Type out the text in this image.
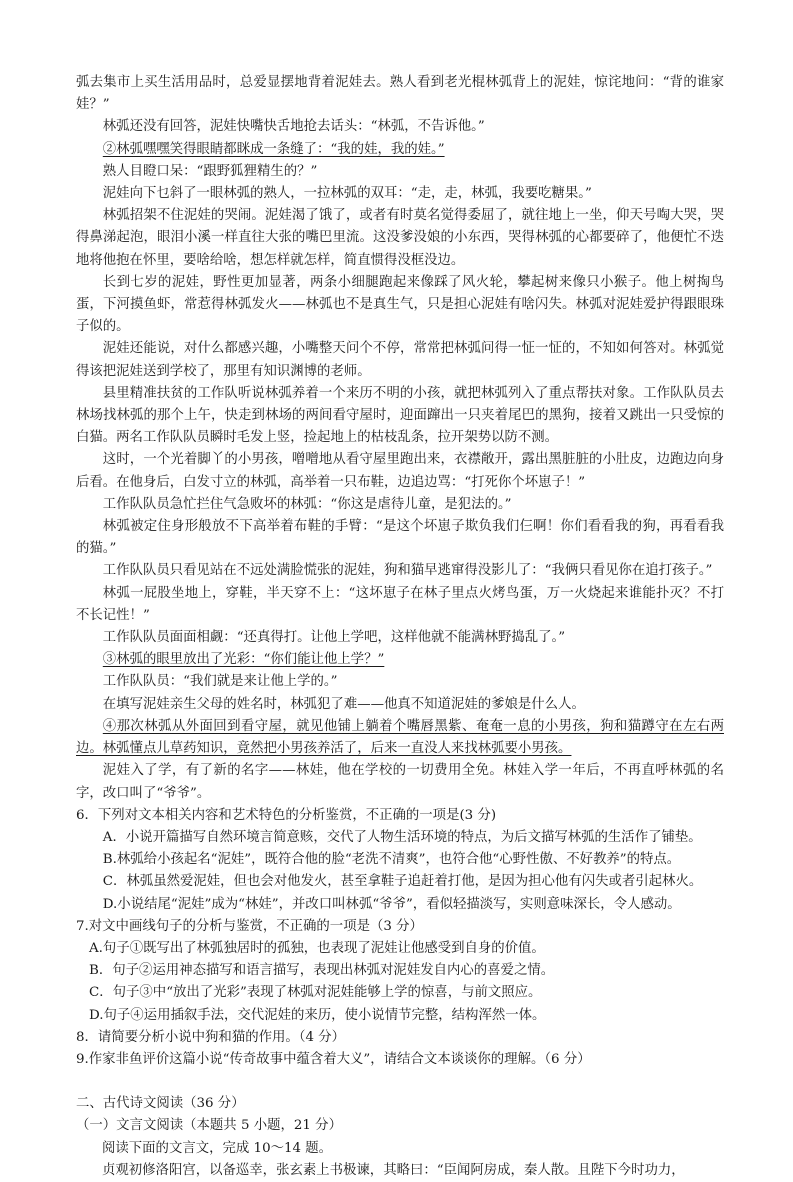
弧去集市上买生活用品时，总爱显摆地背着泥娃去。熟人看到老光棍林弧背上的泥娃，惊诧地问：“背的谁家娃？”

林弧还没有回答，泥娃快嘴快舌地抢去话头：“林弧，不告诉他。”

②林弧嘿嘿笑得眼睛都眯成一条缝了：“我的娃，我的娃。”

熟人目瞪口呆：“跟野狐狸精生的？”

泥娃向下乜斜了一眼林弧的熟人，一拉林弧的双耳：“走，走，林弧，我要吃糖果。”

林弧招架不住泥娃的哭闹。泥娃渴了饿了，或者有时莫名觉得委屈了，就往地上一坐，仰天号啕大哭，哭得鼻涕起泡，眼泪小溪一样直往大张的嘴巴里流。这没爹没娘的小东西，哭得林弧的心都要碎了，他便忙不迭地将他抱在怀里，要啥给啥，想怎样就怎样，简直惯得没框没边。

长到七岁的泥娃，野性更加显著，两条小细腿跑起来像踩了风火轮，攀起树来像只小猴子。他上树掏鸟蛋，下河摸鱼虾，常惹得林弧发火——林弧也不是真生气，只是担心泥娃有啥闪失。林弧对泥娃爱护得跟眼珠子似的。

泥娃还能说，对什么都感兴趣，小嘴整天问个不停，常常把林弧问得一怔一怔的，不知如何答对。林弧觉得该把泥娃送到学校了，那里有知识渊博的老师。

县里精准扶贫的工作队听说林弧养着一个来历不明的小孩，就把林弧列入了重点帮扶对象。工作队队员去林场找林弧的那个上午，快走到林场的两间看守屋时，迎面蹿出一只夹着尾巴的黑狗，接着又跳出一只受惊的白猫。两名工作队队员瞬时毛发上竖，捡起地上的枯枝乱条，拉开架势以防不测。

这时，一个光着脚丫的小男孩，噌噌地从看守屋里跑出来，衣襟敞开，露出黑脏脏的小肚皮，边跑边向身后看。在他身后，白发寸立的林弧，高举着一只布鞋，边追边骂：“打死你个坏崽子！”

工作队队员急忙拦住气急败坏的林弧：“你这是虐待儿童，是犯法的。”

林弧被定住身形般放不下高举着布鞋的手臂：“是这个坏崽子欺负我们仨啊！你们看看我的狗，再看看我的猫。”

工作队队员只看见站在不远处满脸慌张的泥娃，狗和猫早逃窜得没影儿了：“我俩只看见你在追打孩子。”

林弧一屁股坐地上，穿鞋，半天穿不上：“这坏崽子在林子里点火烤鸟蛋，万一火烧起来谁能扑灭？不打不长记性！”

工作队队员面面相觑：“还真得打。让他上学吧，这样他就不能满林野捣乱了。”

③林弧的眼里放出了光彩：“你们能让他上学？”

工作队队员：“我们就是来让他上学的。”

在填写泥娃亲生父母的姓名时，林弧犯了难——他真不知道泥娃的爹娘是什么人。

④那次林弧从外面回到看守屋，就见他铺上躺着个嘴唇黑紫、奄奄一息的小男孩，狗和猫蹲守在左右两边。林弧懂点儿草药知识，竟然把小男孩养活了，后来一直没人来找林弧要小男孩。

泥娃入了学，有了新的名字——林娃，他在学校的一切费用全免。林娃入学一年后，不再直呼林弧的名字，改口叫了“爷爷”。

6．下列对文本相关内容和艺术特色的分析鉴赏，不正确的一项是(3 分)

A．小说开篇描写自然环境言简意赅，交代了人物生活环境的特点，为后文描写林弧的生活作了铺垫。

B.林弧给小孩起名“泥娃”，既符合他的脸“老洗不清爽”，也符合他“心野性傲、不好教养”的特点。

C．林弧虽然爱泥娃，但也会对他发火，甚至拿鞋子追赶着打他，是因为担心他有闪失或者引起林火。

D.小说结尾“泥娃”成为“林娃”，并改口叫林弧“爷爷”，看似轻描淡写，实则意味深长，令人感动。

7.对文中画线句子的分析与鉴赏，不正确的一项是（3 分）

A.句子①既写出了林弧独居时的孤独，也表现了泥娃让他感受到自身的价值。

B．句子②运用神态描写和语言描写，表现出林弧对泥娃发自内心的喜爱之情。

C．句子③中“放出了光彩”表现了林弧对泥娃能够上学的惊喜，与前文照应。

D.句子④运用插叙手法，交代泥娃的来历，使小说情节完整，结构浑然一体。

8．请简要分析小说中狗和猫的作用。（4 分）

9.作家非鱼评价这篇小说“传奇故事中蕴含着大义”，请结合文本谈谈你的理解。（6 分）

二、古代诗文阅读（36 分）

（一）文言文阅读（本题共 5 小题，21 分）

阅读下面的文言文，完成 10～14 题。

贞观初修洛阳宫，以备巡幸，张玄素上书极谏，其略曰：“臣闻阿房成，秦人散。且陛下今时功力，
